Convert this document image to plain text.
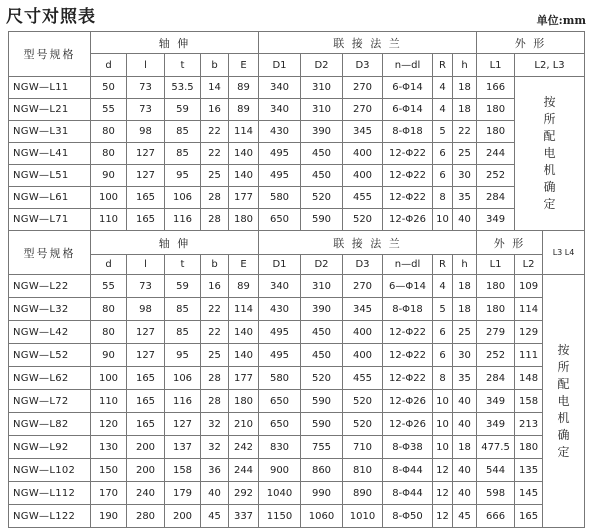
尺寸对照表	单位:mm
型号规格	轴 伸					联 接 法 兰						外 形	
	d	l	t	b	E	D1	D2	D3	n—dl	R	h	L1	L2, L3
NGW—L11	50	73	53.5	14	89	340	310	270	6-Φ14	4	18	166	按所配电机确定

NGW—L21	55	73	59	16	89	340	310	270	6-Φ14	4	18	180	
NGW—L31	80	98	85	22	114	430	390	345	8-Φ18	5	22	180	
NGW—L41	80	127	85	22	140	495	450	400	12-Φ22	6	25	244	
NGW—L51	90	127	95	25	140	495	450	400	12-Φ22	6	30	252	
NGW—L61	100	165	106	28	177	580	520	455	12-Φ22	8	35	284	
NGW—L71	110	165	116	28	180	650	590	520	12-Φ26	10	40	349	
型号规格	轴 伸					联 接 法 兰						外 形		L3 L4
	d	l	t	b	E	D1	D2	D3	n—dl	R	h	L1	L2	
NGW—L22	55	73	59	16	89	340	310	270	6—Φ14	4	18	180	109	按所配电机确定

NGW—L32	80	98	85	22	114	430	390	345	8-Φ18	5	18	180	114	
NGW—L42	80	127	85	22	140	495	450	400	12-Φ22	6	25	279	129	
NGW—L52	90	127	95	25	140	495	450	400	12-Φ22	6	30	252	111	
NGW—L62	100	165	106	28	177	580	520	455	12-Φ22	8	35	284	148	
NGW—L72	110	165	116	28	180	650	590	520	12-Φ26	10	40	349	158	
NGW—L82	120	165	127	32	210	650	590	520	12-Φ26	10	40	349	213	
NGW—L92	130	200	137	32	242	830	755	710	8-Φ38	10	18	477.5	180	
NGW—L102	150	200	158	36	244	900	860	810	8-Φ44	12	40	544	135	
NGW—L112	170	240	179	40	292	1040	990	890	8-Φ44	12	40	598	145	
NGW—L122	190	280	200	45	337	1150	1060	1010	8-Φ50	12	45	666	165	
